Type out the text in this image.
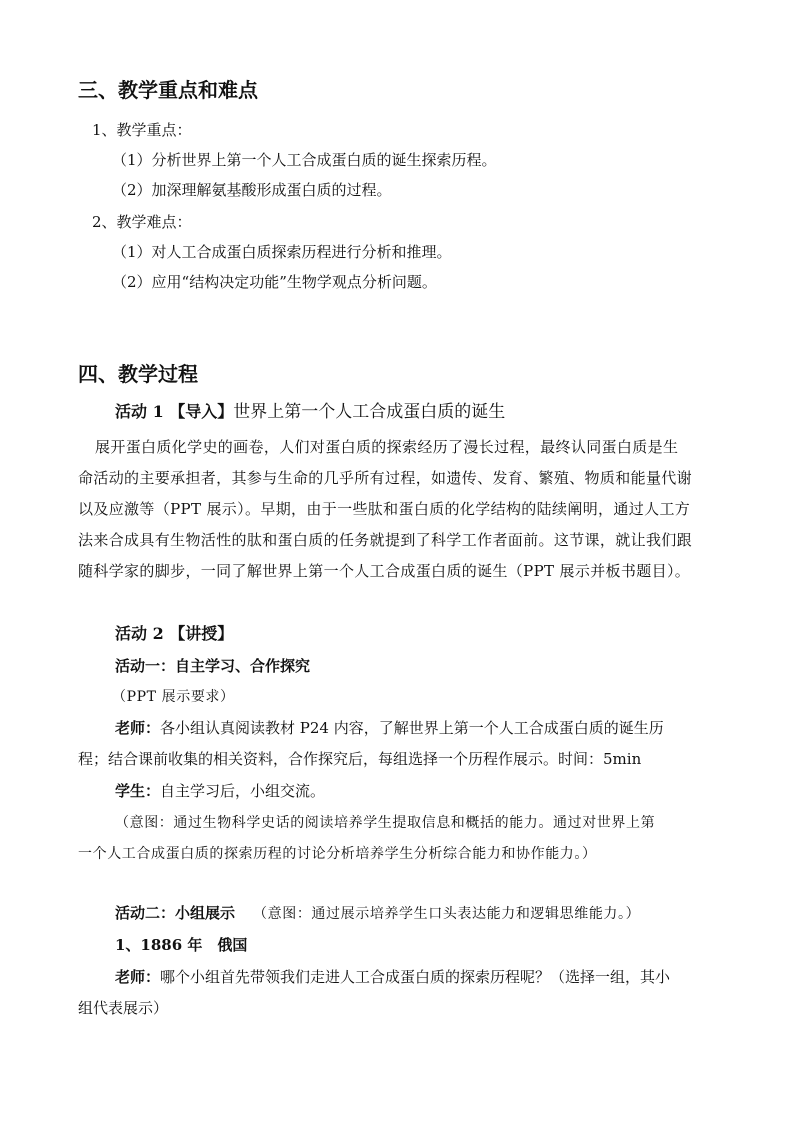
三、教学重点和难点
1、教学重点：
（1）分析世界上第一个人工合成蛋白质的诞生探索历程。
（2）加深理解氨基酸形成蛋白质的过程。
2、教学难点：
（1）对人工合成蛋白质探索历程进行分析和推理。
（2）应用“结构决定功能”生物学观点分析问题。
四、教学过程
活动 1 【导入】世界上第一个人工合成蛋白质的诞生
展开蛋白质化学史的画卷，人们对蛋白质的探索经历了漫长过程，最终认同蛋白质是生
命活动的主要承担者，其参与生命的几乎所有过程，如遗传、发育、繁殖、物质和能量代谢
以及应激等（PPT 展示）。早期，由于一些肽和蛋白质的化学结构的陆续阐明，通过人工方
法来合成具有生物活性的肽和蛋白质的任务就提到了科学工作者面前。这节课，就让我们跟
随科学家的脚步，一同了解世界上第一个人工合成蛋白质的诞生（PPT 展示并板书题目）。
活动 2 【讲授】
活动一：自主学习、合作探究
（PPT 展示要求）
老师：各小组认真阅读教材 P24 内容，了解世界上第一个人工合成蛋白质的诞生历
程；结合课前收集的相关资料，合作探究后，每组选择一个历程作展示。时间：5min
学生：自主学习后，小组交流。
（意图：通过生物科学史话的阅读培养学生提取信息和概括的能力。通过对世界上第
一个人工合成蛋白质的探索历程的讨论分析培养学生分析综合能力和协作能力。）
活动二：小组展示 （意图：通过展示培养学生口头表达能力和逻辑思维能力。）
1、1886 年　俄国
老师：哪个小组首先带领我们走进人工合成蛋白质的探索历程呢？（选择一组，其小
组代表展示）
